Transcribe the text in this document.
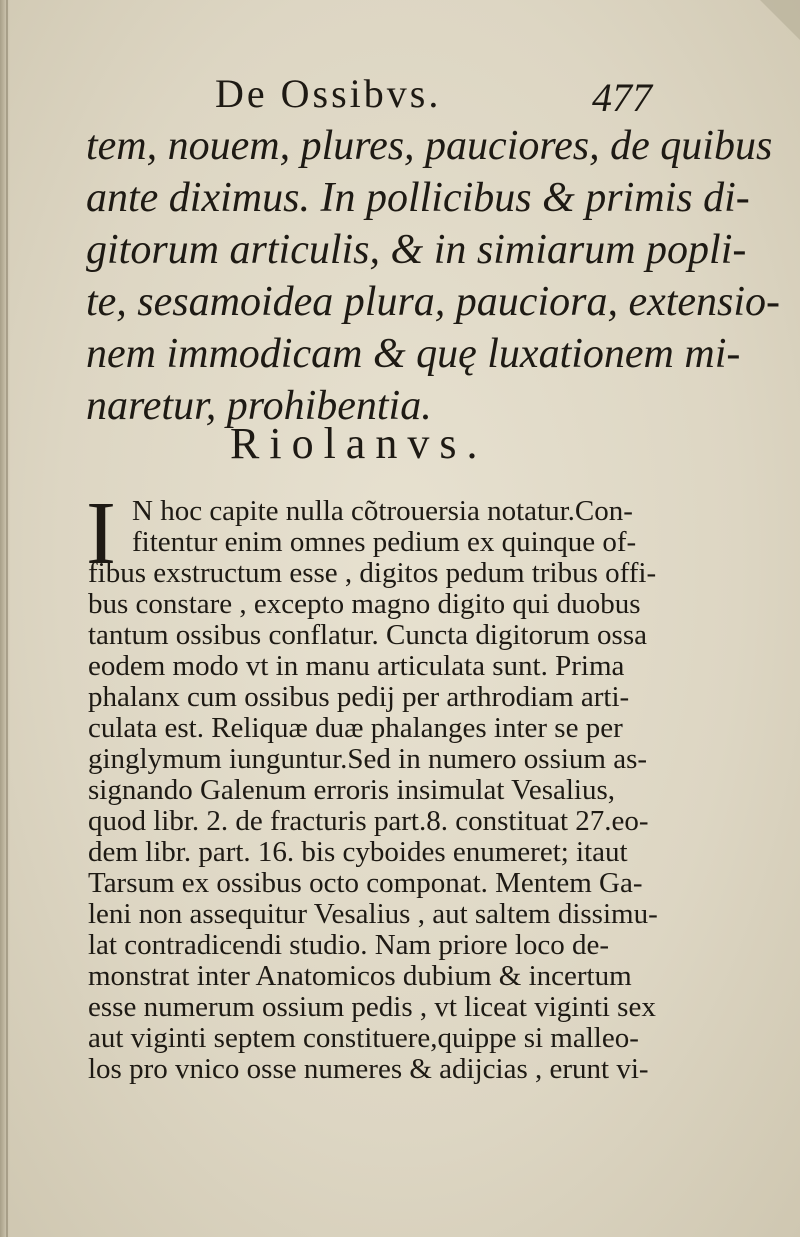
De Ossibvs.	477
tem, nouem, plures, pauciores, de quibus
ante diximus. In pollicibus & primis di-
gitorum articulis, & in simiarum popli-
te, sesamoidea plura, pauciora, extensio-
nem immodicam & quę luxationem mi-
naretur, prohibentia.
Riolanvs.
I N hoc capite nulla cõtrouersia notatur.Con-
fitentur enim omnes pedium ex quinque of-
fibus exstructum esse , digitos pedum tribus offi-
bus constare , excepto magno digito qui duobus
tantum ossibus conflatur. Cuncta digitorum ossa
eodem modo vt in manu articulata sunt. Prima
phalanx cum ossibus pedij per arthrodiam arti-
culata est. Reliquæ duæ phalanges inter se per
ginglymum iunguntur.Sed in numero ossium as-
signando Galenum erroris insimulat Vesalius,
quod libr. 2. de fracturis part.8. constituat 27.eo-
dem libr. part. 16. bis cyboides enumeret; itaut
Tarsum ex ossibus octo componat. Mentem Ga-
leni non assequitur Vesalius , aut saltem dissimu-
lat contradicendi studio. Nam priore loco de-
monstrat inter Anatomicos dubium & incertum
esse numerum ossium pedis , vt liceat viginti sex
aut viginti septem constituere,quippe si malleo-
los pro vnico osse numeres & adijcias , erunt vi-
